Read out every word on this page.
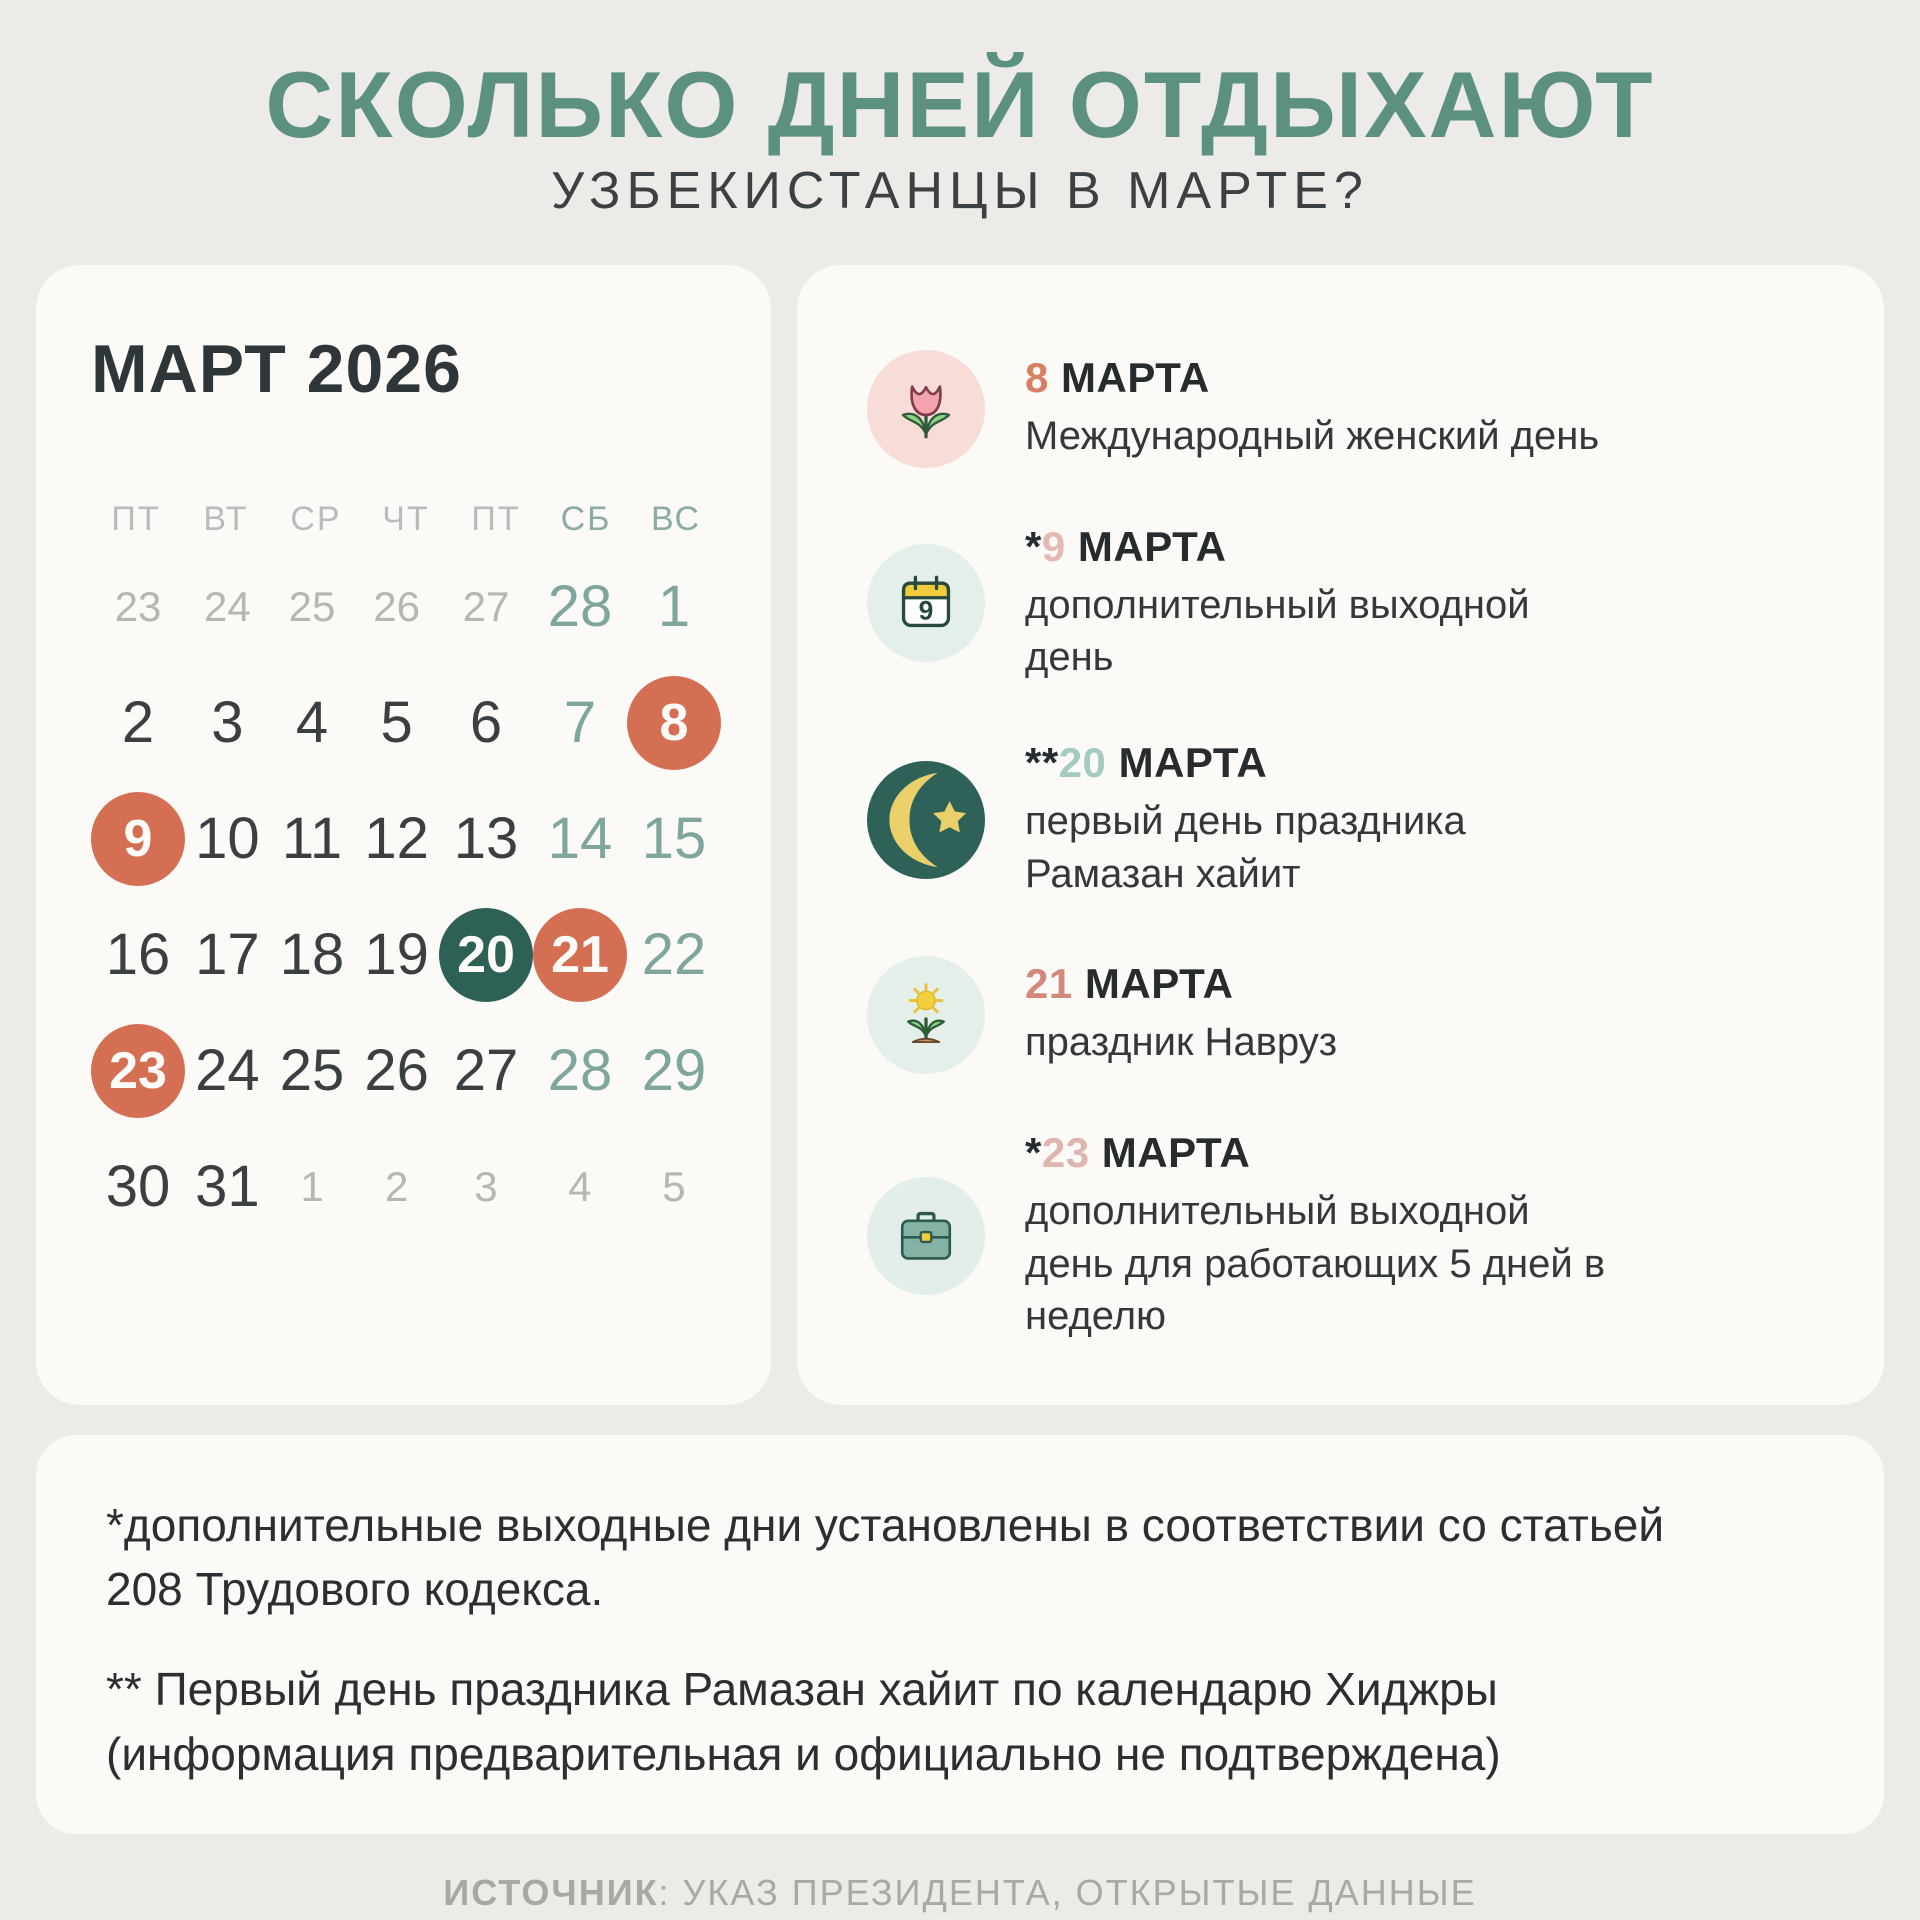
СКОЛЬКО ДНЕЙ ОТДЫХАЮТ
УЗБЕКИСТАНЦЫ В МАРТЕ?
МАРТ 2026
ПТ	ВТ	СР	ЧТ	ПТ	СБ	ВС
23	24 25 26	27 28 1
2 3 4 5 6	7	8
9 10 11 12 13 14 15
16 17 18 19 20 21 22
23 24 25 26 27 28 29
30 31 1	2	3	4	5
8 МАРТА
Международный женский день
9
*9 МАРТА
дополнительный выходной день
**20 МАРТА
первый день праздника Рамазан хайит
21 МАРТА
праздник Навруз
*23 МАРТА
дополнительный выходной день для работающих 5 дней в неделю

*дополнительные выходные дни установлены в соответствии со статьей 208 Трудового кодекса.

** Первый день праздника Рамазан хайит по календарю Хиджры (информация предварительная и официально не подтверждена)

ИСТОЧНИК: УКАЗ ПРЕЗИДЕНТА, ОТКРЫТЫЕ ДАННЫЕ
